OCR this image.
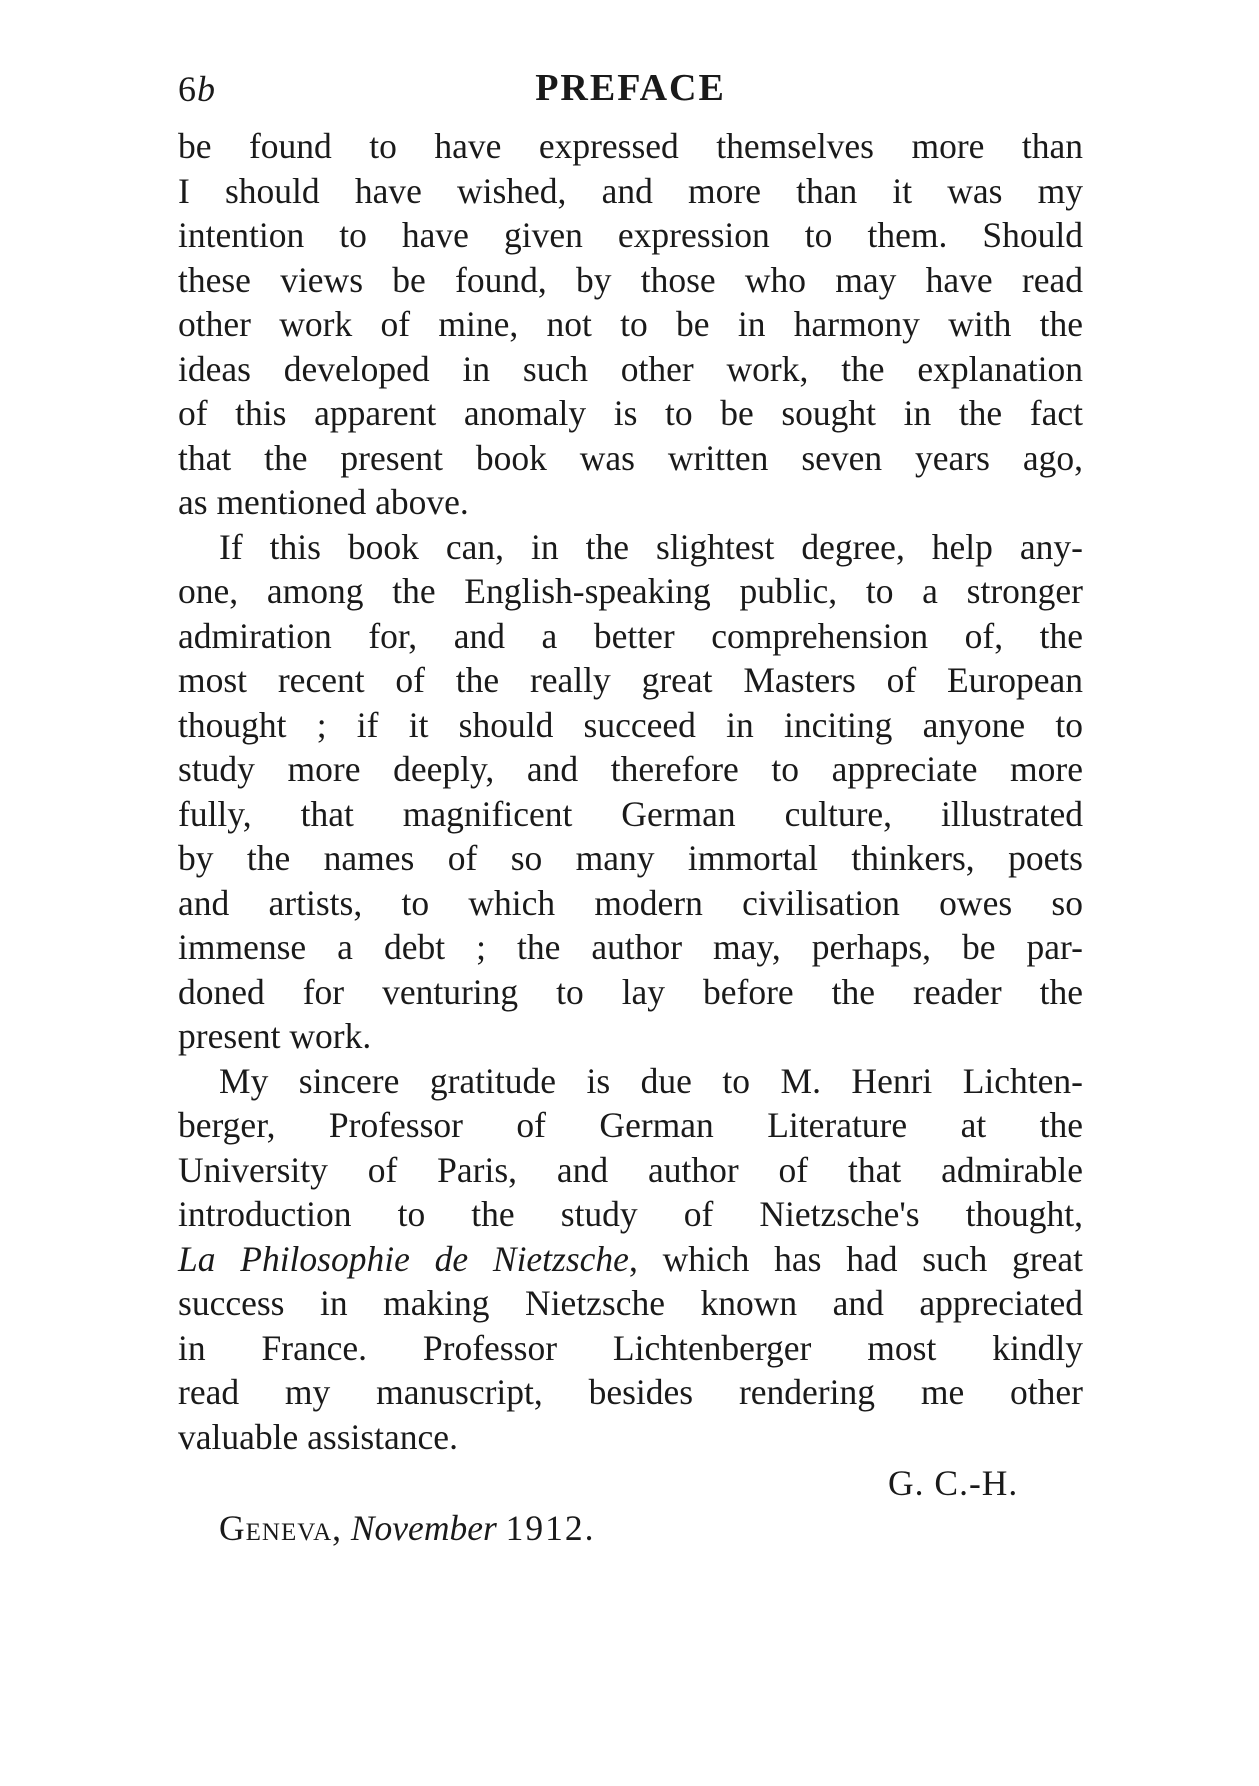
6b	PREFACE
be found to have expressed themselves more than
I should have wished, and more than it was my
intention to have given expression to them. Should
these views be found, by those who may have read
other work of mine, not to be in harmony with the
ideas developed in such other work, the explanation
of this apparent anomaly is to be sought in the fact
that the present book was written seven years ago,
as mentioned above.
If this book can, in the slightest degree, help any-
one, among the English-speaking public, to a stronger
admiration for, and a better comprehension of, the
most recent of the really great Masters of European
thought ; if it should succeed in inciting anyone to
study more deeply, and therefore to appreciate more
fully, that magnificent German culture, illustrated
by the names of so many immortal thinkers, poets
and artists, to which modern civilisation owes so
immense a debt ; the author may, perhaps, be par-
doned for venturing to lay before the reader the
present work.
My sincere gratitude is due to M. Henri Lichten-
berger, Professor of German Literature at the
University of Paris, and author of that admirable
introduction to the study of Nietzsche's thought,
La Philosophie de Nietzsche, which has had such great
success in making Nietzsche known and appreciated
in France. Professor Lichtenberger most kindly
read my manuscript, besides rendering me other
valuable assistance.
G. C.-H.
Geneva, November 1912.
